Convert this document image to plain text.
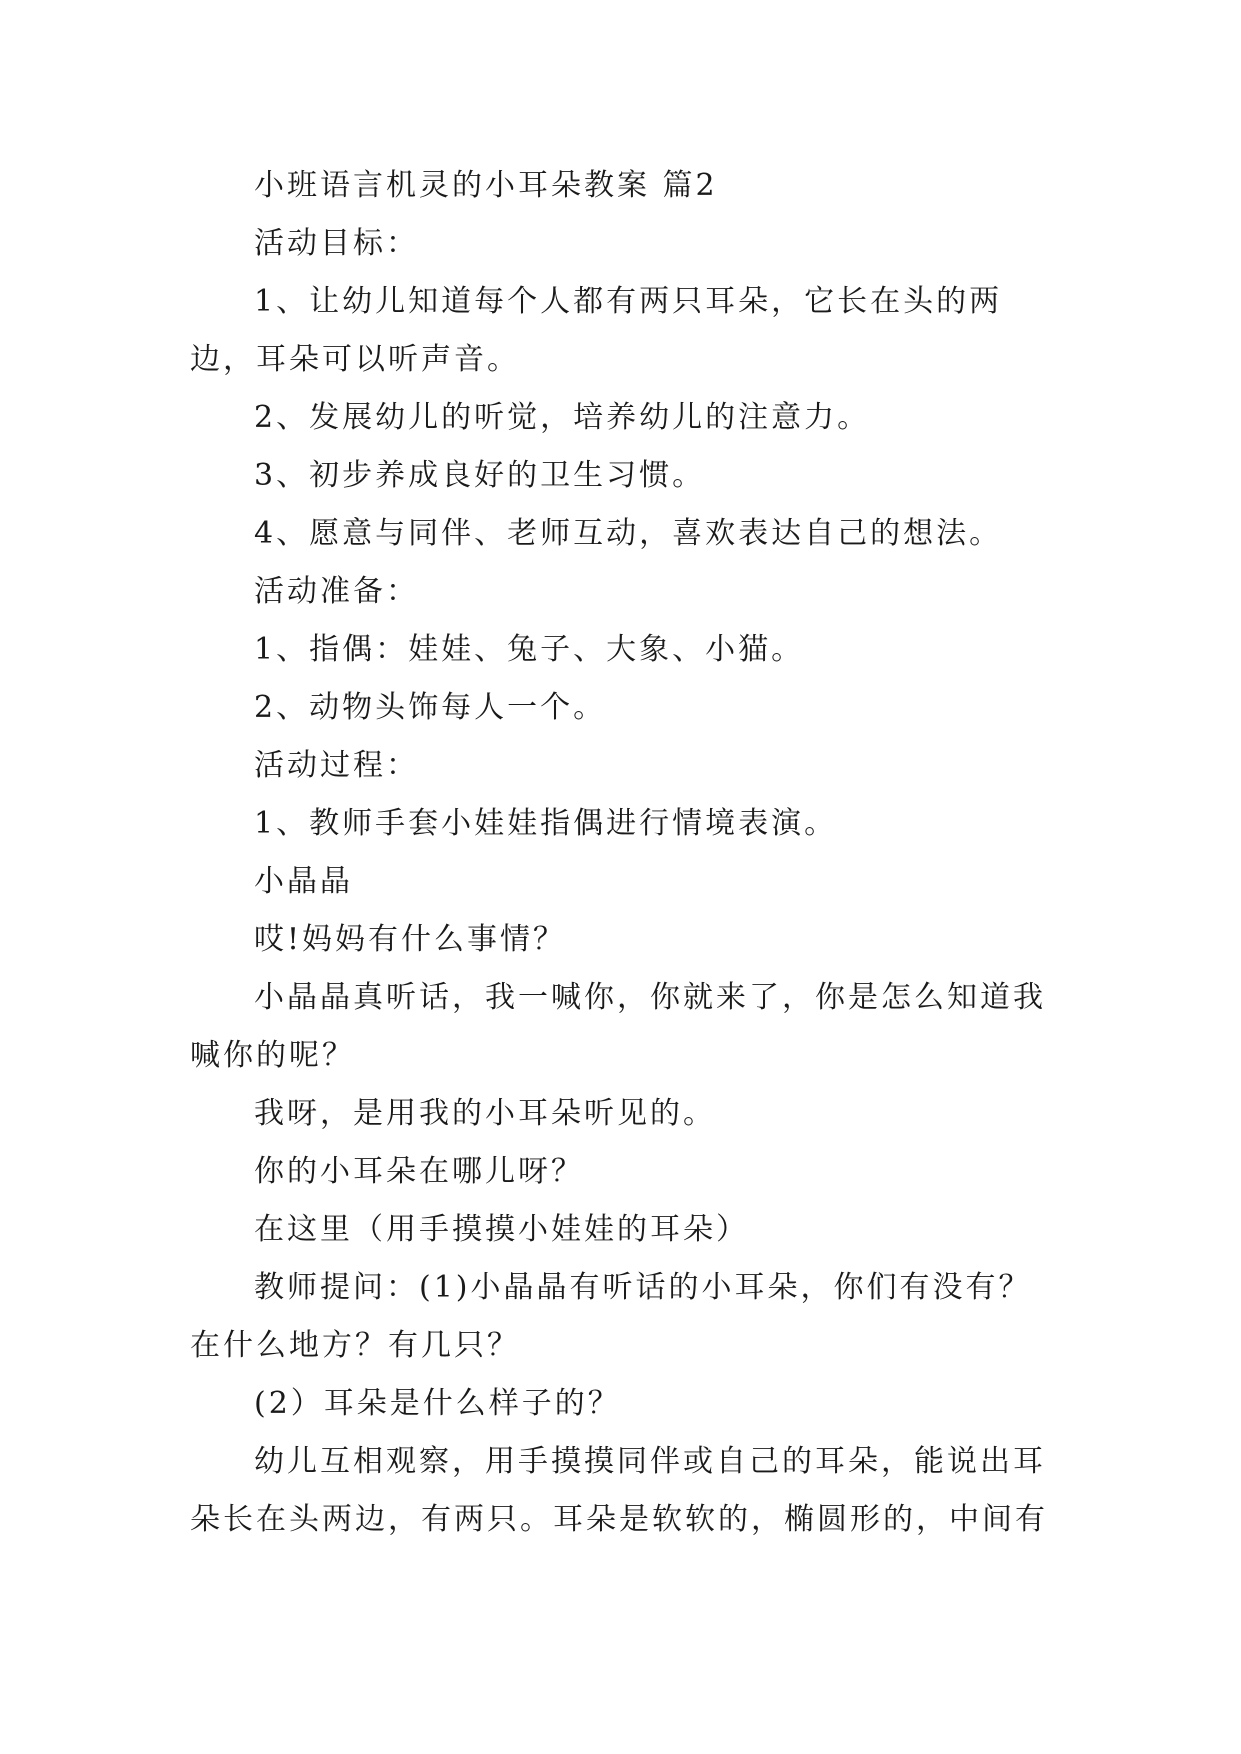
小班语言机灵的小耳朵教案 篇2

活动目标：

1、让幼儿知道每个人都有两只耳朵，它长在头的两边，耳朵可以听声音。

2、发展幼儿的听觉，培养幼儿的注意力。

3、初步养成良好的卫生习惯。

4、愿意与同伴、老师互动，喜欢表达自己的想法。

活动准备：

1、指偶：娃娃、兔子、大象、小猫。

2、动物头饰每人一个。

活动过程：

1、教师手套小娃娃指偶进行情境表演。

小晶晶

哎!妈妈有什么事情？

小晶晶真听话，我一喊你，你就来了，你是怎么知道我喊你的呢？

我呀，是用我的小耳朵听见的。

你的小耳朵在哪儿呀？

在这里（用手摸摸小娃娃的耳朵）

教师提问：(1)小晶晶有听话的小耳朵，你们有没有？在什么地方？有几只？

(2）耳朵是什么样子的？

幼儿互相观察，用手摸摸同伴或自己的耳朵，能说出耳朵长在头两边，有两只。耳朵是软软的，椭圆形的，中间有
